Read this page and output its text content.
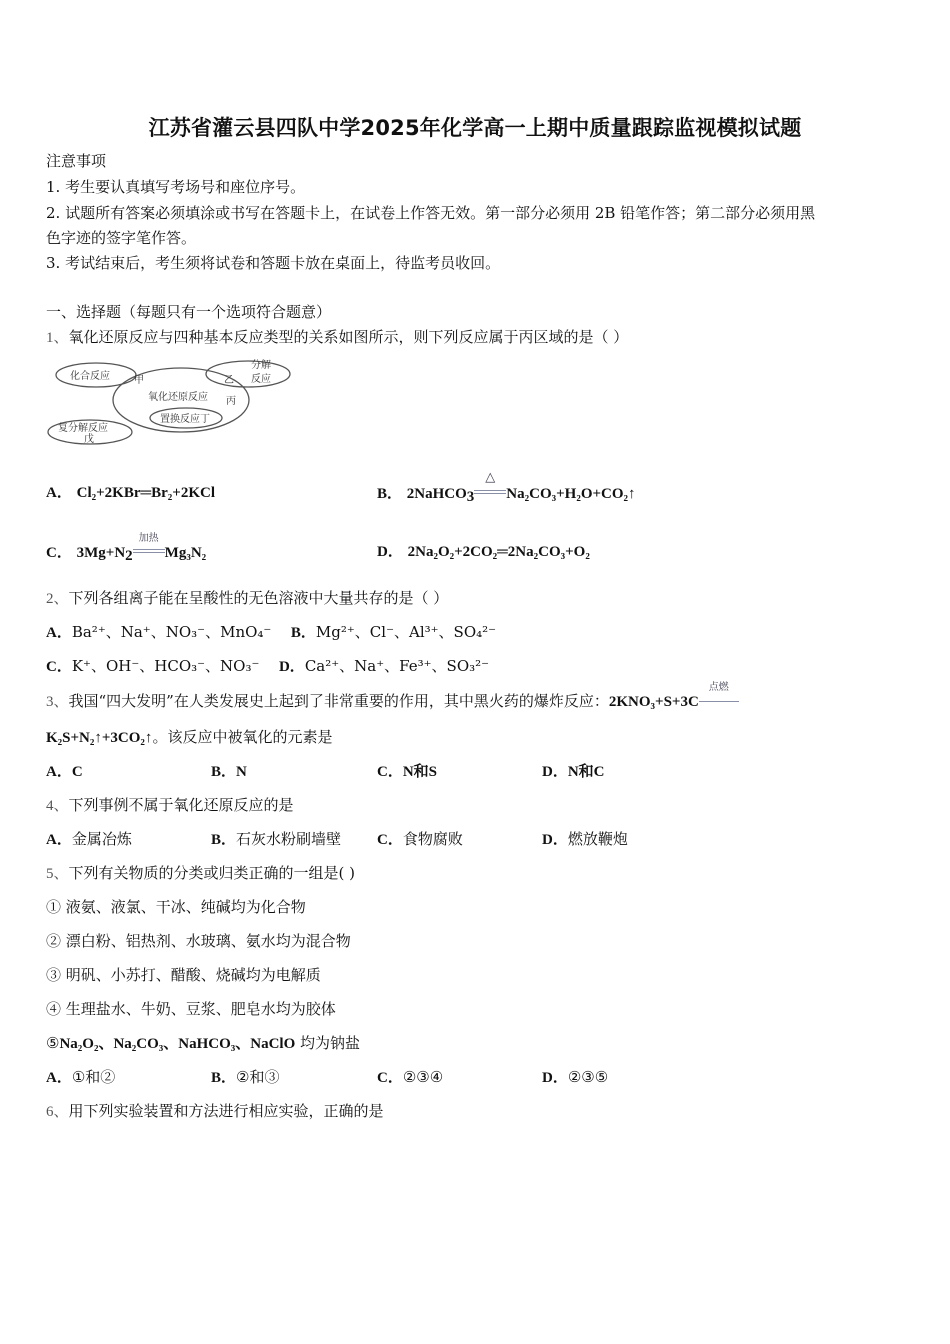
江苏省灌云县四队中学2025年化学高一上期中质量跟踪监视模拟试题
注意事项
1. 考生要认真填写考场号和座位序号。
2. 试题所有答案必须填涂或书写在答题卡上，在试卷上作答无效。第一部分必须用 2B 铅笔作答；第二部分必须用黑
色字迹的签字笔作答。
3. 考试结束后，考生须将试卷和答题卡放在桌面上，待监考员收回。
一、选择题（每题只有一个选项符合题意）
1、氧化还原反应与四种基本反应类型的关系如图所示，则下列反应属于丙区域的是（ ）
化合反应 甲
分解
反应
乙
氧化还原反应 丙
置换反应丁
复分解反应
戊
A． Cl₂+2KBr═Br₂+2KCl	B． 2NaHCO$_3$
△
Na₂CO₃+H₂O+CO₂↑
C． $3Mg+N_2$
加热
Mg₃N₂	D． 2Na₂O₂+2CO₂═2Na₂CO₃+O₂
2、下列各组离子能在呈酸性的无色溶液中大量共存的是（ ）
A．Ba²⁺、Na⁺、NO₃⁻、MnO₄⁻ B．Mg²⁺、Cl⁻、Al³⁺、SO₄²⁻
C．K⁺、OH⁻、HCO₃⁻、NO₃⁻ D．Ca²⁺、Na⁺、Fe³⁺、SO₃²⁻
3、我国“四大发明”在人类发展史上起到了非常重要的作用，其中黑火药的爆炸反应：2KNO₃+S+3C
点燃
K₂S+N₂↑+3CO₂↑。该反应中被氧化的元素是
A．C	B．N	C．N和S	D．N和C
4、下列事例不属于氧化还原反应的是
A．金属冶炼	B．石灰水粉刷墙壁 C．食物腐败	D．燃放鞭炮
5、下列有关物质的分类或归类正确的一组是( )
① 液氨、液氯、干冰、纯碱均为化合物
② 漂白粉、铝热剂、水玻璃、氨水均为混合物
③ 明矾、小苏打、醋酸、烧碱均为电解质
④ 生理盐水、牛奶、豆浆、肥皂水均为胶体
⑤Na₂O₂、Na₂CO₃、NaHCO₃、NaClO 均为钠盐
A．①和②	B．②和③	C．②③④	D．②③⑤
6、用下列实验装置和方法进行相应实验，正确的是
